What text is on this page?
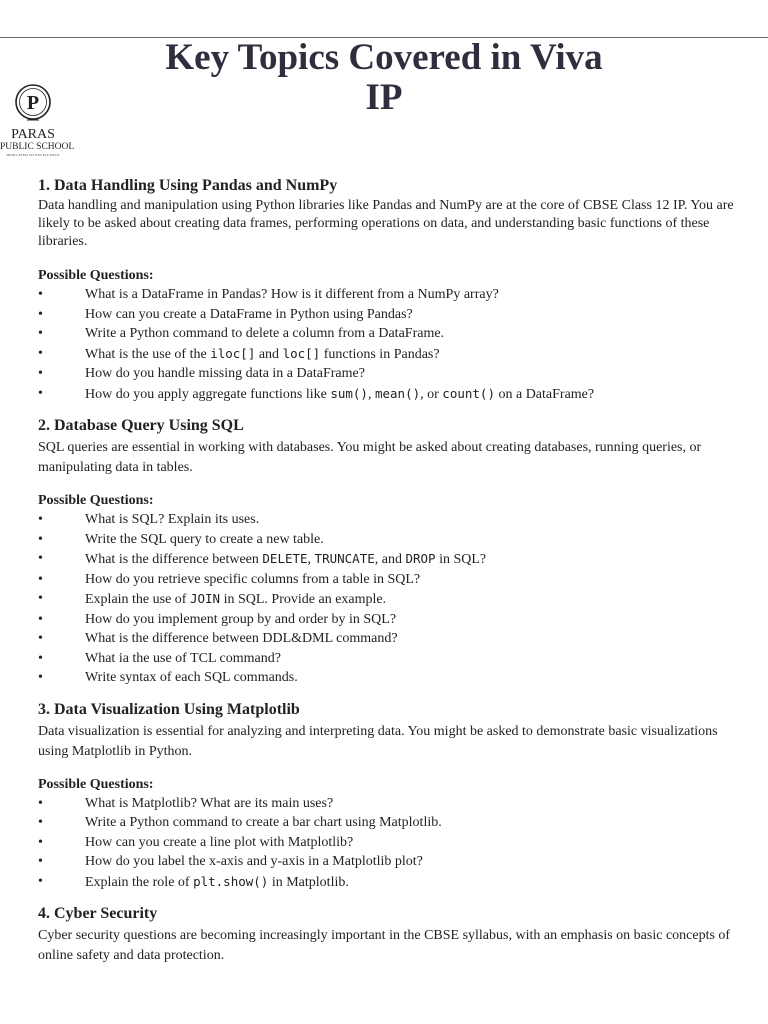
Key Topics Covered in Viva
IP
P
PARAS
PUBLIC SCHOOL
DEDICATED TO EXCELLENCE
1. Data Handling Using Pandas and NumPy

Data handling and manipulation using Python libraries like Pandas and NumPy are at the core of CBSE Class 12 IP. You are likely to be asked about creating data frames, performing operations on data, and understanding basic functions of these libraries.

Possible Questions:

• What is a DataFrame in Pandas? How is it different from a NumPy array?
• How can you create a DataFrame in Python using Pandas?
• Write a Python command to delete a column from a DataFrame.
• What is the use of the iloc[] and loc[] functions in Pandas?
• How do you handle missing data in a DataFrame?
• How do you apply aggregate functions like sum(), mean(), or count() on a DataFrame?
2. Database Query Using SQL

SQL queries are essential in working with databases. You might be asked about creating databases, running queries, or manipulating data in tables.

Possible Questions:

• What is SQL? Explain its uses.
• Write the SQL query to create a new table.
• What is the difference between DELETE, TRUNCATE, and DROP in SQL?
• How do you retrieve specific columns from a table in SQL?
• Explain the use of JOIN in SQL. Provide an example.
• How do you implement group by and order by in SQL?
• What is the difference between DDL&DML command?
• What ia the use of TCL command?
• Write syntax of each SQL commands.
3. Data Visualization Using Matplotlib

Data visualization is essential for analyzing and interpreting data. You might be asked to demonstrate basic visualizations using Matplotlib in Python.

Possible Questions:

• What is Matplotlib? What are its main uses?
• Write a Python command to create a bar chart using Matplotlib.
• How can you create a line plot with Matplotlib?
• How do you label the x-axis and y-axis in a Matplotlib plot?
• Explain the role of plt.show() in Matplotlib.
4. Cyber Security

Cyber security questions are becoming increasingly important in the CBSE syllabus, with an emphasis on basic concepts of online safety and data protection.
